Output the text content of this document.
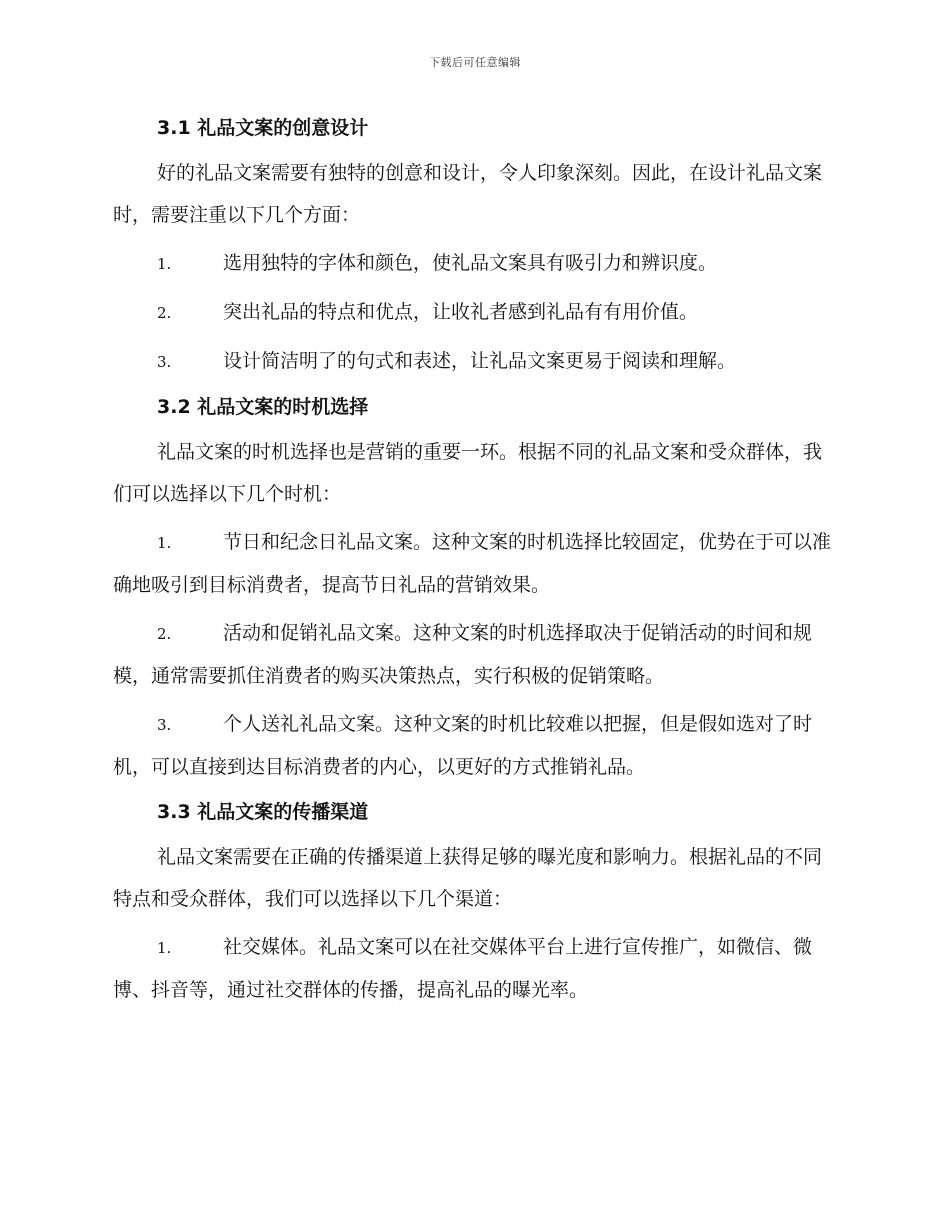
下载后可任意编辑
3.1 礼品文案的创意设计

好的礼品文案需要有独特的创意和设计，令人印象深刻。因此，在设计礼品文案时，需要注重以下几个方面：

1.	选用独特的字体和颜色，使礼品文案具有吸引力和辨识度。

2.	突出礼品的特点和优点，让收礼者感到礼品有有用价值。

3.	设计简洁明了的句式和表述，让礼品文案更易于阅读和理解。

3.2 礼品文案的时机选择

礼品文案的时机选择也是营销的重要一环。根据不同的礼品文案和受众群体，我们可以选择以下几个时机：

1.	节日和纪念日礼品文案。这种文案的时机选择比较固定，优势在于可以准确地吸引到目标消费者，提高节日礼品的营销效果。

2.	活动和促销礼品文案。这种文案的时机选择取决于促销活动的时间和规模，通常需要抓住消费者的购买决策热点，实行积极的促销策略。

3.	个人送礼礼品文案。这种文案的时机比较难以把握，但是假如选对了时机，可以直接到达目标消费者的内心，以更好的方式推销礼品。

3.3 礼品文案的传播渠道

礼品文案需要在正确的传播渠道上获得足够的曝光度和影响力。根据礼品的不同特点和受众群体，我们可以选择以下几个渠道：

1.	社交媒体。礼品文案可以在社交媒体平台上进行宣传推广，如微信、微博、抖音等，通过社交群体的传播，提高礼品的曝光率。
